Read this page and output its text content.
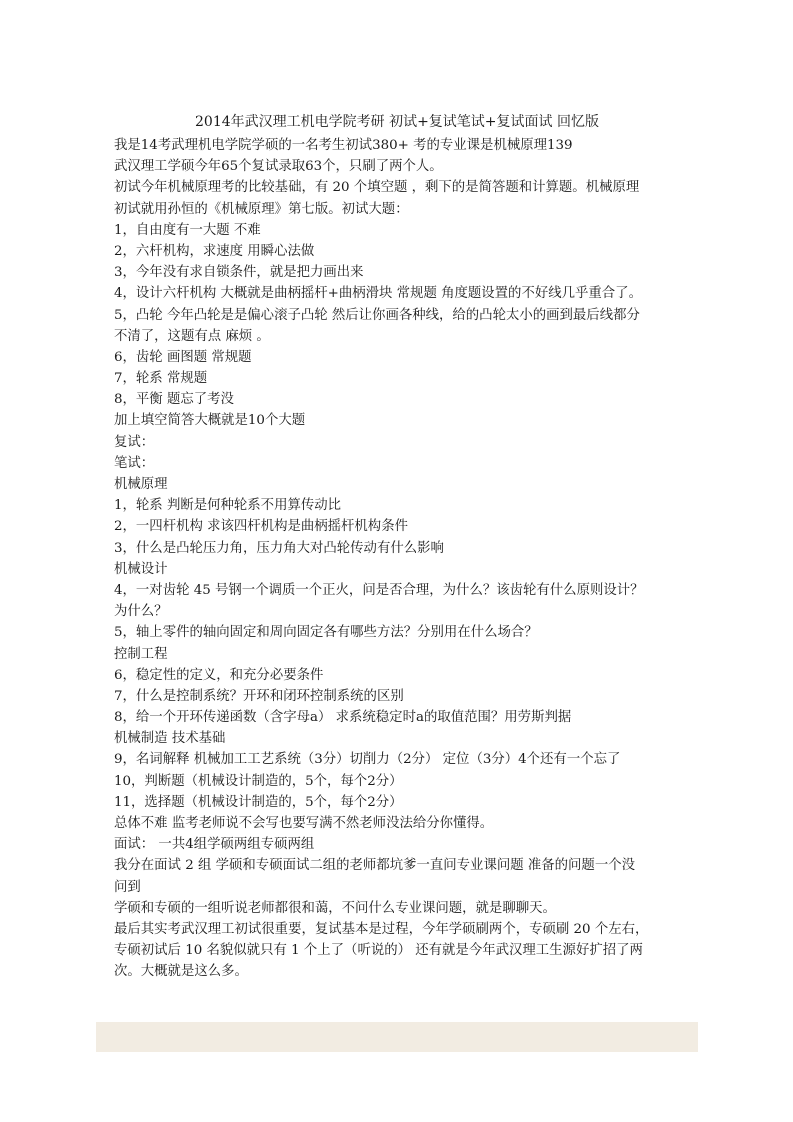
2014年武汉理工机电学院考研 初试+复试笔试+复试面试 回忆版
我是14考武理机电学院学硕的一名考生初试380+ 考的专业课是机械原理139
武汉理工学硕今年65个复试录取63个，只刷了两个人。
初试今年机械原理考的比较基础，有 20 个填空题 ，剩下的是简答题和计算题。机械原理
初试就用孙恒的《机械原理》第七版。初试大题：
1，自由度有一大题 不难
2，六杆机构，求速度 用瞬心法做
3，今年没有求自锁条件，就是把力画出来
4，设计六杆机构 大概就是曲柄摇杆+曲柄滑块 常规题 角度题设置的不好线几乎重合了。
5，凸轮 今年凸轮是是偏心滚子凸轮 然后让你画各种线，给的凸轮太小的画到最后线都分
不清了，这题有点 麻烦 。
6，齿轮 画图题 常规题
7，轮系 常规题
8，平衡 题忘了考没
加上填空简答大概就是10个大题
复试：
笔试：
机械原理
1，轮系 判断是何种轮系不用算传动比
2，一四杆机构 求该四杆机构是曲柄摇杆机构条件
3，什么是凸轮压力角，压力角大对凸轮传动有什么影响
机械设计
4，一对齿轮 45 号钢一个调质一个正火，问是否合理，为什么？该齿轮有什么原则设计？
为什么？
5，轴上零件的轴向固定和周向固定各有哪些方法？分别用在什么场合？
控制工程
6，稳定性的定义，和充分必要条件
7，什么是控制系统？开环和闭环控制系统的区别
8，给一个开环传递函数（含字母a） 求系统稳定时a的取值范围？用劳斯判据
机械制造 技术基础
9，名词解释 机械加工工艺系统（3分）切削力（2分） 定位（3分）4个还有一个忘了
10，判断题（机械设计制造的，5个，每个2分）
11，选择题（机械设计制造的，5个，每个2分）
总体不难 监考老师说不会写也要写满不然老师没法给分你懂得。
面试： 一共4组学硕两组专硕两组
我分在面试 2 组 学硕和专硕面试二组的老师都坑爹一直问专业课问题 准备的问题一个没
问到
学硕和专硕的一组听说老师都很和蔼，不问什么专业课问题，就是聊聊天。
最后其实考武汉理工初试很重要，复试基本是过程，今年学硕刷两个，专硕刷 20 个左右，
专硕初试后 10 名貌似就只有 1 个上了（听说的） 还有就是今年武汉理工生源好扩招了两
次。大概就是这么多。
